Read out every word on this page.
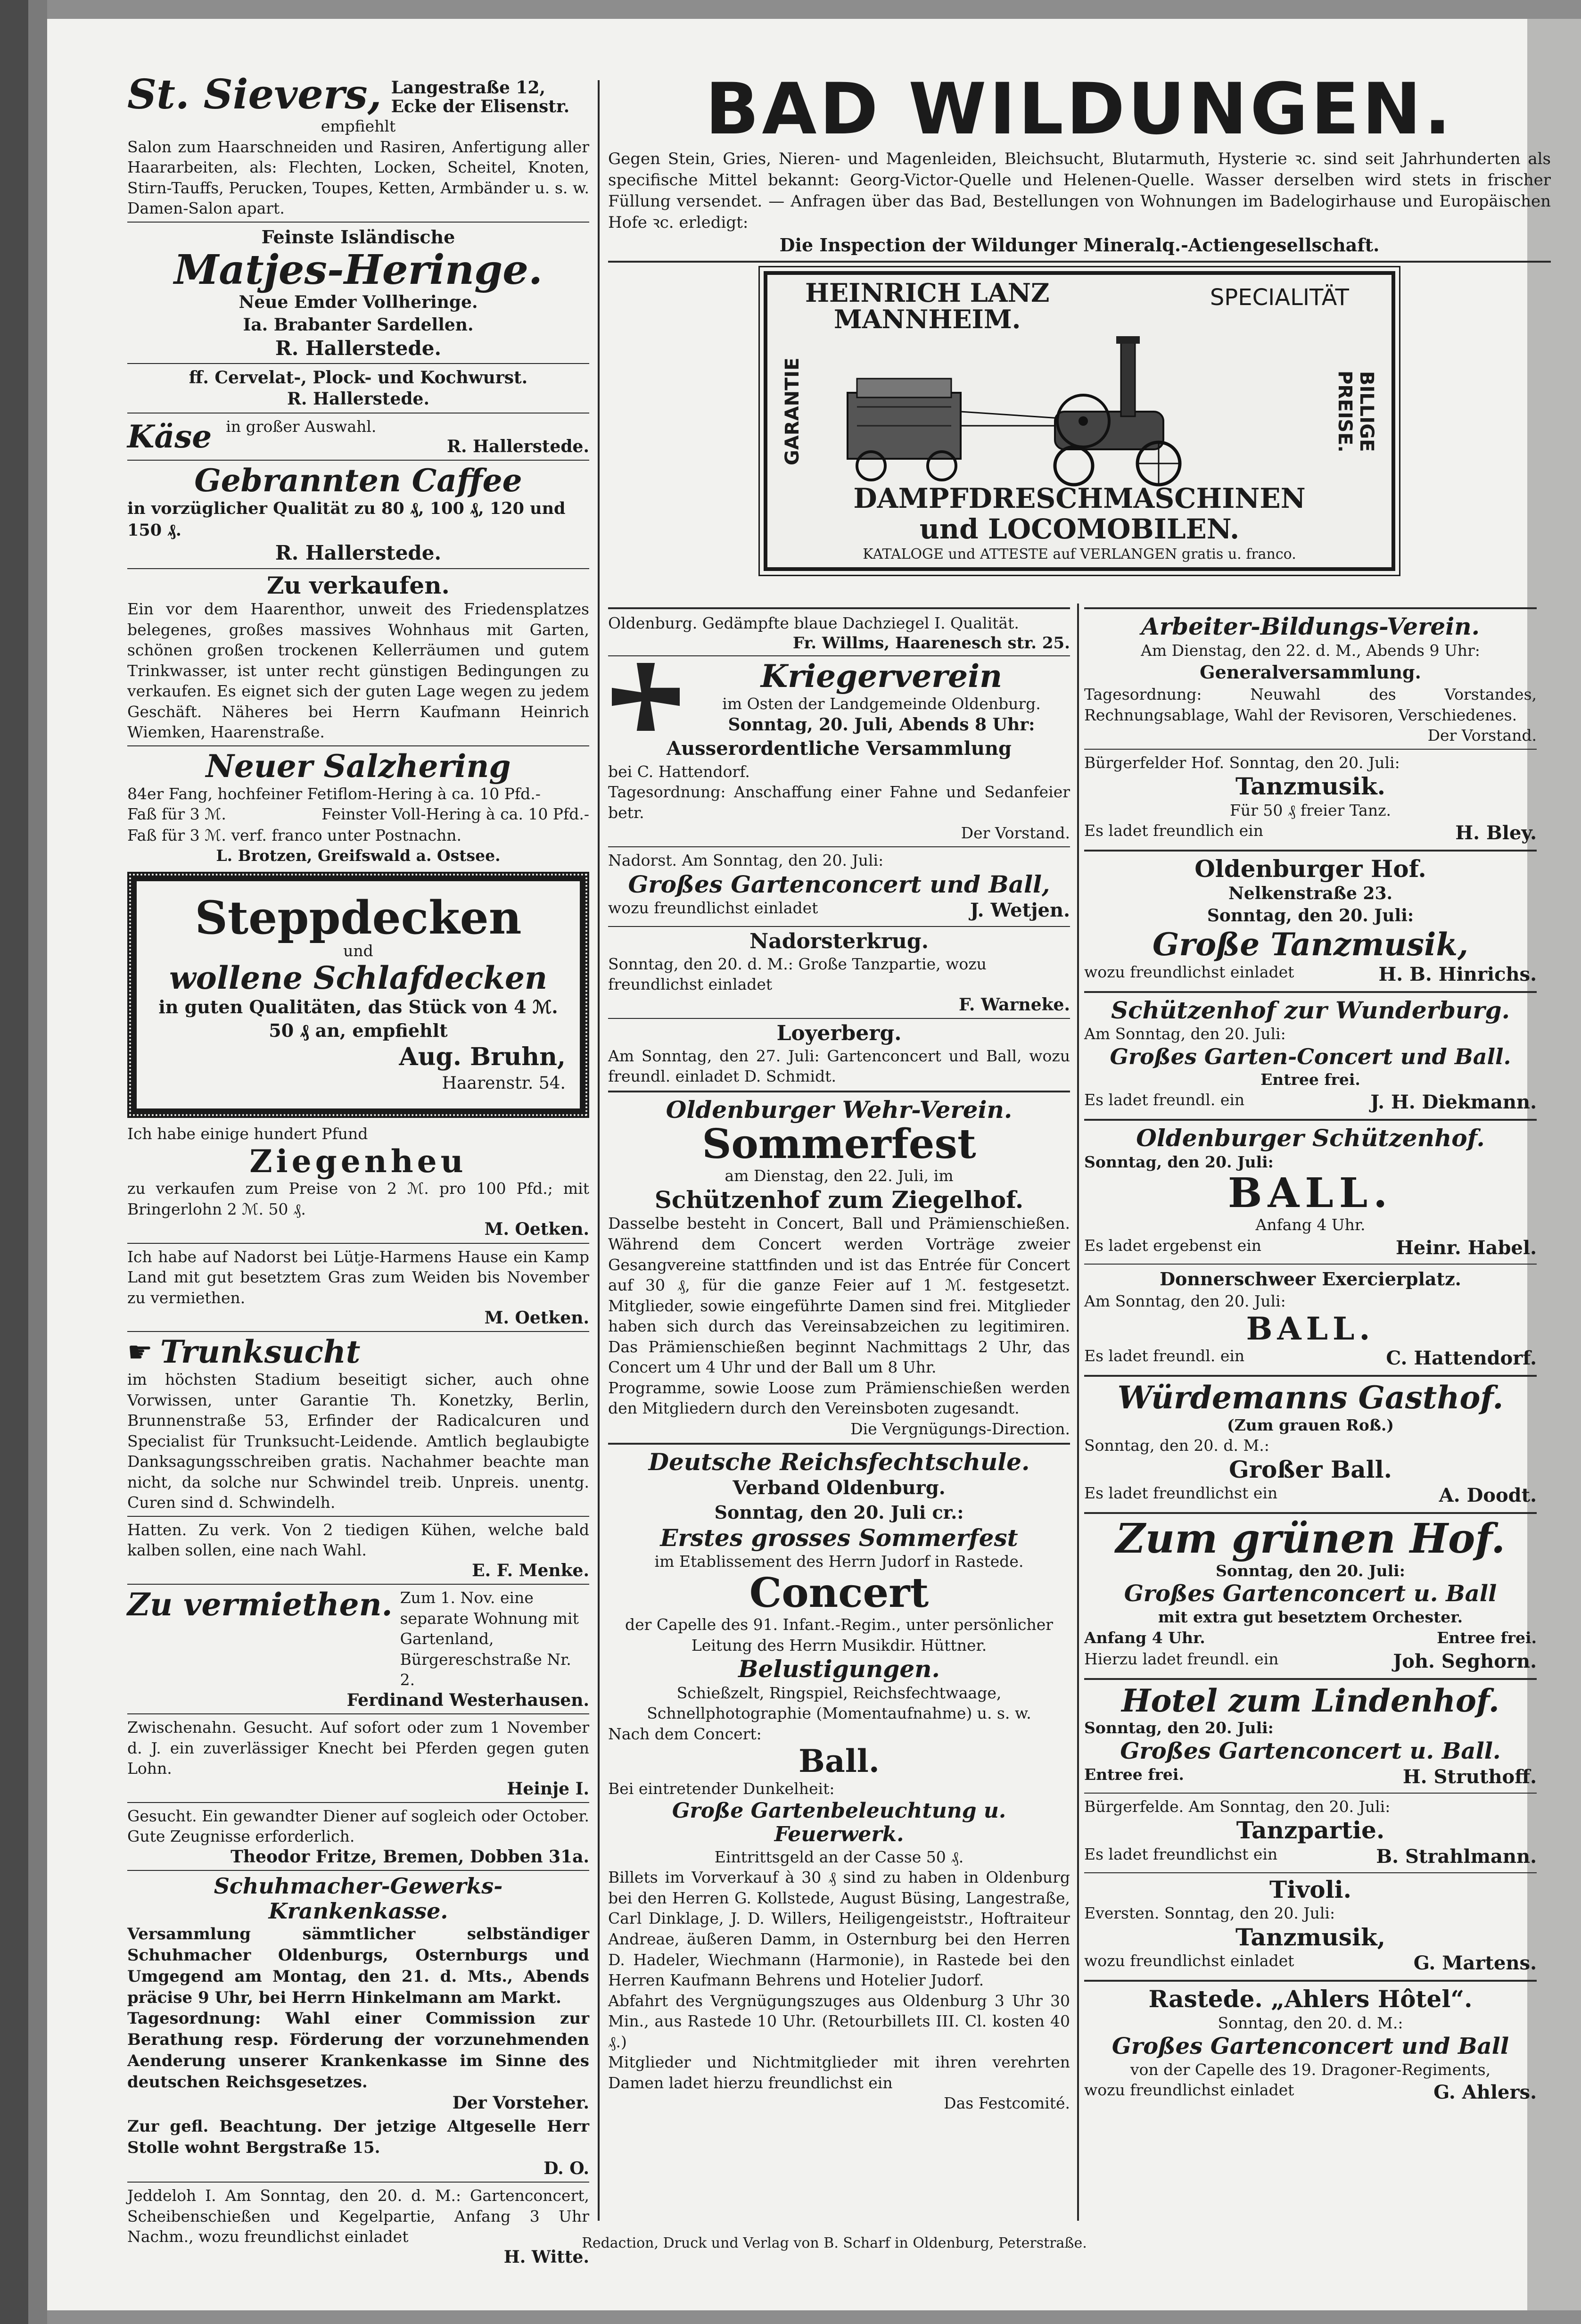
St. Sievers, Langestraße 12,
Ecke der Elisenstr.
empfiehlt
Salon zum Haarschneiden und Rasiren, Anfertigung aller Haararbeiten, als: Flechten, Locken, Scheitel, Knoten, Stirn-Tauffs, Perucken, Toupes, Ketten, Armbänder u. s. w. Damen-Salon apart.
Feinste Isländische
Matjes-Heringe.
Neue Emder Vollheringe.
Ia. Brabanter Sardellen.
R. Hallerstede.
ff. Cervelat-, Plock- und Kochwurst.
R. Hallerstede.
Käse in großer Auswahl.
R. Hallerstede.
Gebrannten Caffee
in vorzüglicher Qualität zu 80 ₰, 100 ₰, 120 und 150 ₰.
R. Hallerstede.
Zu verkaufen.
Ein vor dem Haarenthor, unweit des Friedensplatzes belegenes, großes massives Wohnhaus mit Garten, schönen großen trockenen Kellerräumen und gutem Trinkwasser, ist unter recht günstigen Bedingungen zu verkaufen. Es eignet sich der guten Lage wegen zu jedem Geschäft. Näheres bei Herrn Kaufmann Heinrich Wiemken, Haarenstraße.
Neuer Salzhering
84er Fang, hochfeiner Fetiflom-Hering à ca. 10 Pfd.-
Faß für 3 ℳ.	Feinster Voll-Hering à ca. 10 Pfd.-
Faß für 3 ℳ. verf. franco unter Postnachn.
L. Brotzen, Greifswald a. Ostsee.
Steppdecken
und
wollene Schlafdecken
in guten Qualitäten, das Stück von 4 ℳ. 50 ₰ an, empfiehlt
Aug. Bruhn,
Haarenstr. 54.
Ich habe einige hundert Pfund
Ziegenheu
zu verkaufen zum Preise von 2 ℳ. pro 100 Pfd.; mit Bringerlohn 2 ℳ. 50 ₰.
M. Oetken.
Ich habe auf Nadorst bei Lütje-Harmens Hause ein Kamp Land mit gut besetztem Gras zum Weiden bis November zu vermiethen.
M. Oetken.
☛ Trunksucht
im höchsten Stadium beseitigt sicher, auch ohne Vorwissen, unter Garantie Th. Konetzky, Berlin, Brunnenstraße 53, Erfinder der Radicalcuren und Specialist für Trunksucht-Leidende. Amtlich beglaubigte Danksagungsschreiben gratis. Nachahmer beachte man nicht, da solche nur Schwindel treib. Unpreis. unentg. Curen sind d. Schwindelh.
Hatten. Zu verk. Von 2 tiedigen Kühen, welche bald kalben sollen, eine nach Wahl.
E. F. Menke.
Zu vermiethen. Zum 1. Nov. eine separate Wohnung mit Gartenland, Bürgereschstraße Nr. 2.
Ferdinand Westerhausen.
Zwischenahn. Gesucht. Auf sofort oder zum 1 November d. J. ein zuverlässiger Knecht bei Pferden gegen guten Lohn.
Heinje I.
Gesucht. Ein gewandter Diener auf sogleich oder October. Gute Zeugnisse erforderlich.
Theodor Fritze, Bremen, Dobben 31a.
Schuhmacher-Gewerks-Krankenkasse.
Versammlung sämmtlicher selbständiger Schuhmacher Oldenburgs, Osternburgs und Umgegend am Montag, den 21. d. Mts., Abends präcise 9 Uhr, bei Herrn Hinkelmann am Markt.
Tagesordnung: Wahl einer Commission zur Berathung resp. Förderung der vorzunehmenden Aenderung unserer Krankenkasse im Sinne des deutschen Reichsgesetzes.
Der Vorsteher.
Zur gefl. Beachtung. Der jetzige Altgeselle Herr Stolle wohnt Bergstraße 15.
D. O.
Jeddeloh I. Am Sonntag, den 20. d. M.: Gartenconcert, Scheibenschießen und Kegelpartie, Anfang 3 Uhr Nachm., wozu freundlichst einladet
H. Witte.
BAD WILDUNGEN.
Gegen Stein, Gries, Nieren- und Magenleiden, Bleichsucht, Blutarmuth, Hysterie ꝛc. sind seit Jahrhunderten als specifische Mittel bekannt: Georg-Victor-Quelle und Helenen-Quelle. Wasser derselben wird stets in frischer Füllung versendet. — Anfragen über das Bad, Bestellungen von Wohnungen im Badelogirhause und Europäischen Hofe ꝛc. erledigt:
Die Inspection der Wildunger Mineralq.-Actiengesellschaft.
HEINRICH LANZ
MANNHEIM.
SPECIALITÄT
GARANTIE	BILLIGE PREISE.
DAMPFDRESCHMASCHINEN
und LOCOMOBILEN.
KATALOGE und ATTESTE auf VERLANGEN gratis u. franco.
Oldenburg. Gedämpfte blaue Dachziegel I. Qualität.
Fr. Willms, Haarenesch str. 25.
Kriegerverein
im Osten der Landgemeinde Oldenburg.
Sonntag, 20. Juli, Abends 8 Uhr:
Ausserordentliche Versammlung
bei C. Hattendorf.
Tagesordnung: Anschaffung einer Fahne und Sedanfeier betr.
Der Vorstand.
Nadorst. Am Sonntag, den 20. Juli:
Großes Gartenconcert und Ball,
wozu freundlichst einladet	J. Wetjen.
Nadorsterkrug.
Sonntag, den 20. d. M.: Große Tanzpartie, wozu freundlichst einladet
F. Warneke.
Loyerberg.
Am Sonntag, den 27. Juli: Gartenconcert und Ball, wozu freundl. einladet D. Schmidt.
Oldenburger Wehr-Verein.
Sommerfest
am Dienstag, den 22. Juli, im
Schützenhof zum Ziegelhof.
Dasselbe besteht in Concert, Ball und Prämienschießen. Während dem Concert werden Vorträge zweier Gesangvereine stattfinden und ist das Entrée für Concert auf 30 ₰, für die ganze Feier auf 1 ℳ. festgesetzt. Mitglieder, sowie eingeführte Damen sind frei. Mitglieder haben sich durch das Vereinsabzeichen zu legitimiren. Das Prämienschießen beginnt Nachmittags 2 Uhr, das Concert um 4 Uhr und der Ball um 8 Uhr.
Programme, sowie Loose zum Prämienschießen werden den Mitgliedern durch den Vereinsboten zugesandt.
Die Vergnügungs-Direction.
Deutsche Reichsfechtschule.
Verband Oldenburg.
Sonntag, den 20. Juli cr.:
Erstes grosses Sommerfest
im Etablissement des Herrn Judorf in Rastede.
Concert
der Capelle des 91. Infant.-Regim., unter persönlicher Leitung des Herrn Musikdir. Hüttner.
Belustigungen.
Schießzelt, Ringspiel, Reichsfechtwaage, Schnellphotographie (Momentaufnahme) u. s. w.
Nach dem Concert:
Ball.
Bei eintretender Dunkelheit:
Große Gartenbeleuchtung u. Feuerwerk.
Eintrittsgeld an der Casse 50 ₰.
Billets im Vorverkauf à 30 ₰ sind zu haben in Oldenburg bei den Herren G. Kollstede, August Büsing, Langestraße, Carl Dinklage, J. D. Willers, Heiligengeiststr., Hoftraiteur Andreae, äußeren Damm, in Osternburg bei den Herren D. Hadeler, Wiechmann (Harmonie), in Rastede bei den Herren Kaufmann Behrens und Hotelier Judorf.
Abfahrt des Vergnügungszuges aus Oldenburg 3 Uhr 30 Min., aus Rastede 10 Uhr. (Retourbillets III. Cl. kosten 40 ₰.)
Mitglieder und Nichtmitglieder mit ihren verehrten Damen ladet hierzu freundlichst ein
Das Festcomité.
Arbeiter-Bildungs-Verein.
Am Dienstag, den 22. d. M., Abends 9 Uhr:
Generalversammlung.
Tagesordnung: Neuwahl des Vorstandes, Rechnungsablage, Wahl der Revisoren, Verschiedenes.
Der Vorstand.
Bürgerfelder Hof. Sonntag, den 20. Juli:
Tanzmusik.
Für 50 ₰ freier Tanz.
Es ladet freundlich ein	H. Bley.
Oldenburger Hof.
Nelkenstraße 23.
Sonntag, den 20. Juli:
Große Tanzmusik,
wozu freundlichst einladet	H. B. Hinrichs.
Schützenhof zur Wunderburg.
Am Sonntag, den 20. Juli:
Großes Garten-Concert und Ball.
Entree frei.
Es ladet freundl. ein	J. H. Diekmann.
Oldenburger Schützenhof.
Sonntag, den 20. Juli:
BALL.
Anfang 4 Uhr.
Es ladet ergebenst ein	Heinr. Habel.
Donnerschweer Exercierplatz.
Am Sonntag, den 20. Juli:
BALL.
Es ladet freundl. ein	C. Hattendorf.
Würdemanns Gasthof.
(Zum grauen Roß.)
Sonntag, den 20. d. M.:
Großer Ball.
Es ladet freundlichst ein	A. Doodt.
Zum grünen Hof.
Sonntag, den 20. Juli:
Großes Gartenconcert u. Ball
mit extra gut besetztem Orchester.
Anfang 4 Uhr.	Entree frei.
Hierzu ladet freundl. ein	Joh. Seghorn.
Hotel zum Lindenhof.
Sonntag, den 20. Juli:
Großes Gartenconcert u. Ball.
Entree frei.	H. Struthoff.
Bürgerfelde. Am Sonntag, den 20. Juli:
Tanzpartie.
Es ladet freundlichst ein	B. Strahlmann.
Tivoli.
Eversten. Sonntag, den 20. Juli:
Tanzmusik,
wozu freundlichst einladet	G. Martens.
Rastede. „Ahlers Hôtel“.
Sonntag, den 20. d. M.:
Großes Gartenconcert und Ball
von der Capelle des 19. Dragoner-Regiments,
wozu freundlichst einladet	G. Ahlers.
Redaction, Druck und Verlag von B. Scharf in Oldenburg, Peterstraße.
